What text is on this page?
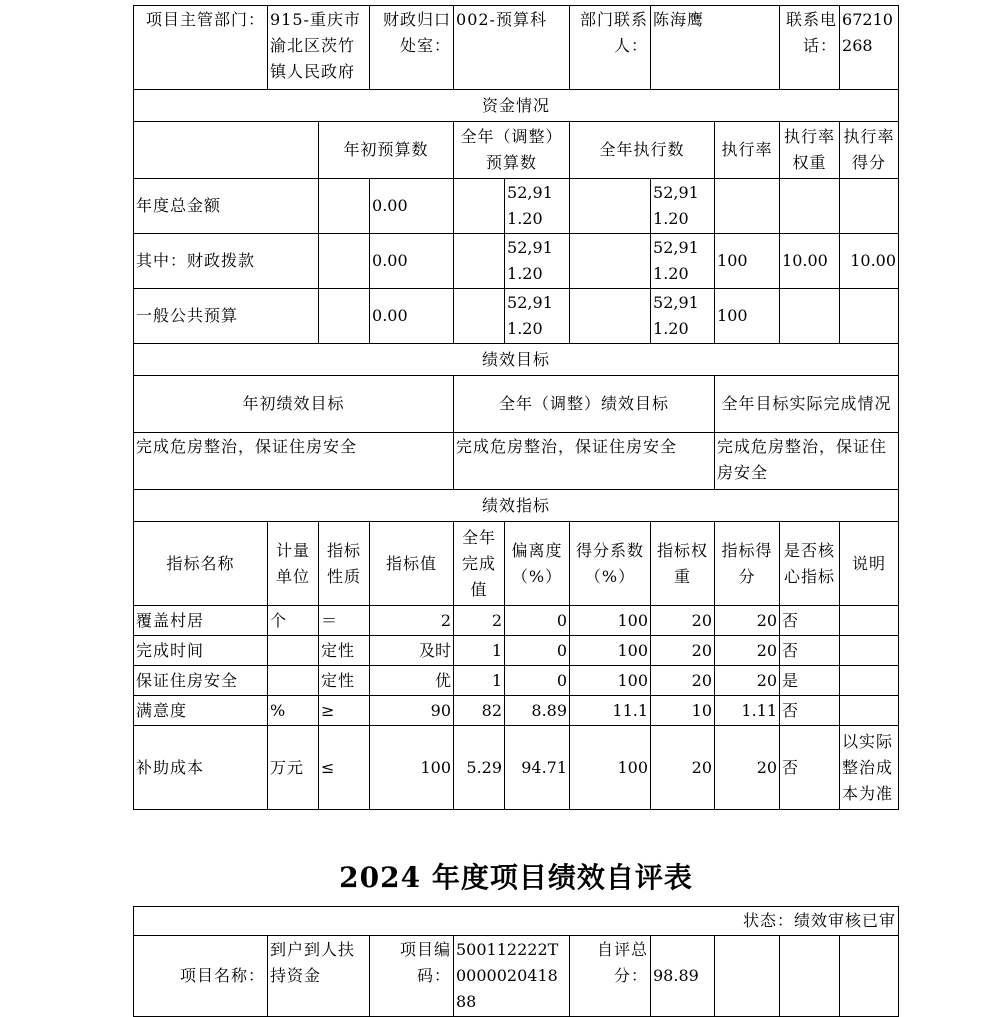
项目主管部门：	915-重庆市渝北区茨竹镇人民政府		财政归口处室：	002-预算科		部门联系人：	陈海鹰		联系电话：	67210268
资金情况										
		年初预算数		全年（调整）预算数		全年执行数		执行率	执行率权重	执行率得分
年度总金额			0.00		52,911.20		52,911.20			
其中：财政拨款			0.00		52,911.20		52,911.20	100	10.00	10.00
一般公共预算			0.00		52,911.20		52,911.20	100		
绩效目标										
年初绩效目标				全年（调整）绩效目标				全年目标实际完成情况		
完成危房整治，保证住房安全				完成危房整治，保证住房安全				完成危房整治，保证住房安全		
绩效指标										
指标名称	计量单位	指标性质	指标值	全年完成值	偏离度（%）	得分系数（%）	指标权重	指标得分	是否核心指标	说明
覆盖村居	个	＝	2	2	0	100	20	20	否	
完成时间		定性	及时	1	0	100	20	20	否	
保证住房安全		定性	优	1	0	100	20	20	是	
满意度	%	≥	90	82	8.89	11.1	10	1.11	否	
补助成本	万元	≤	100	5.29	94.71	100	20	20	否	以实际整治成本为准
2024 年度项目绩效自评表
状态：绩效审核已审
项目名称：	到户到人扶持资金	项目编码：	500112222T000002041888	自评总分：	98.89			
